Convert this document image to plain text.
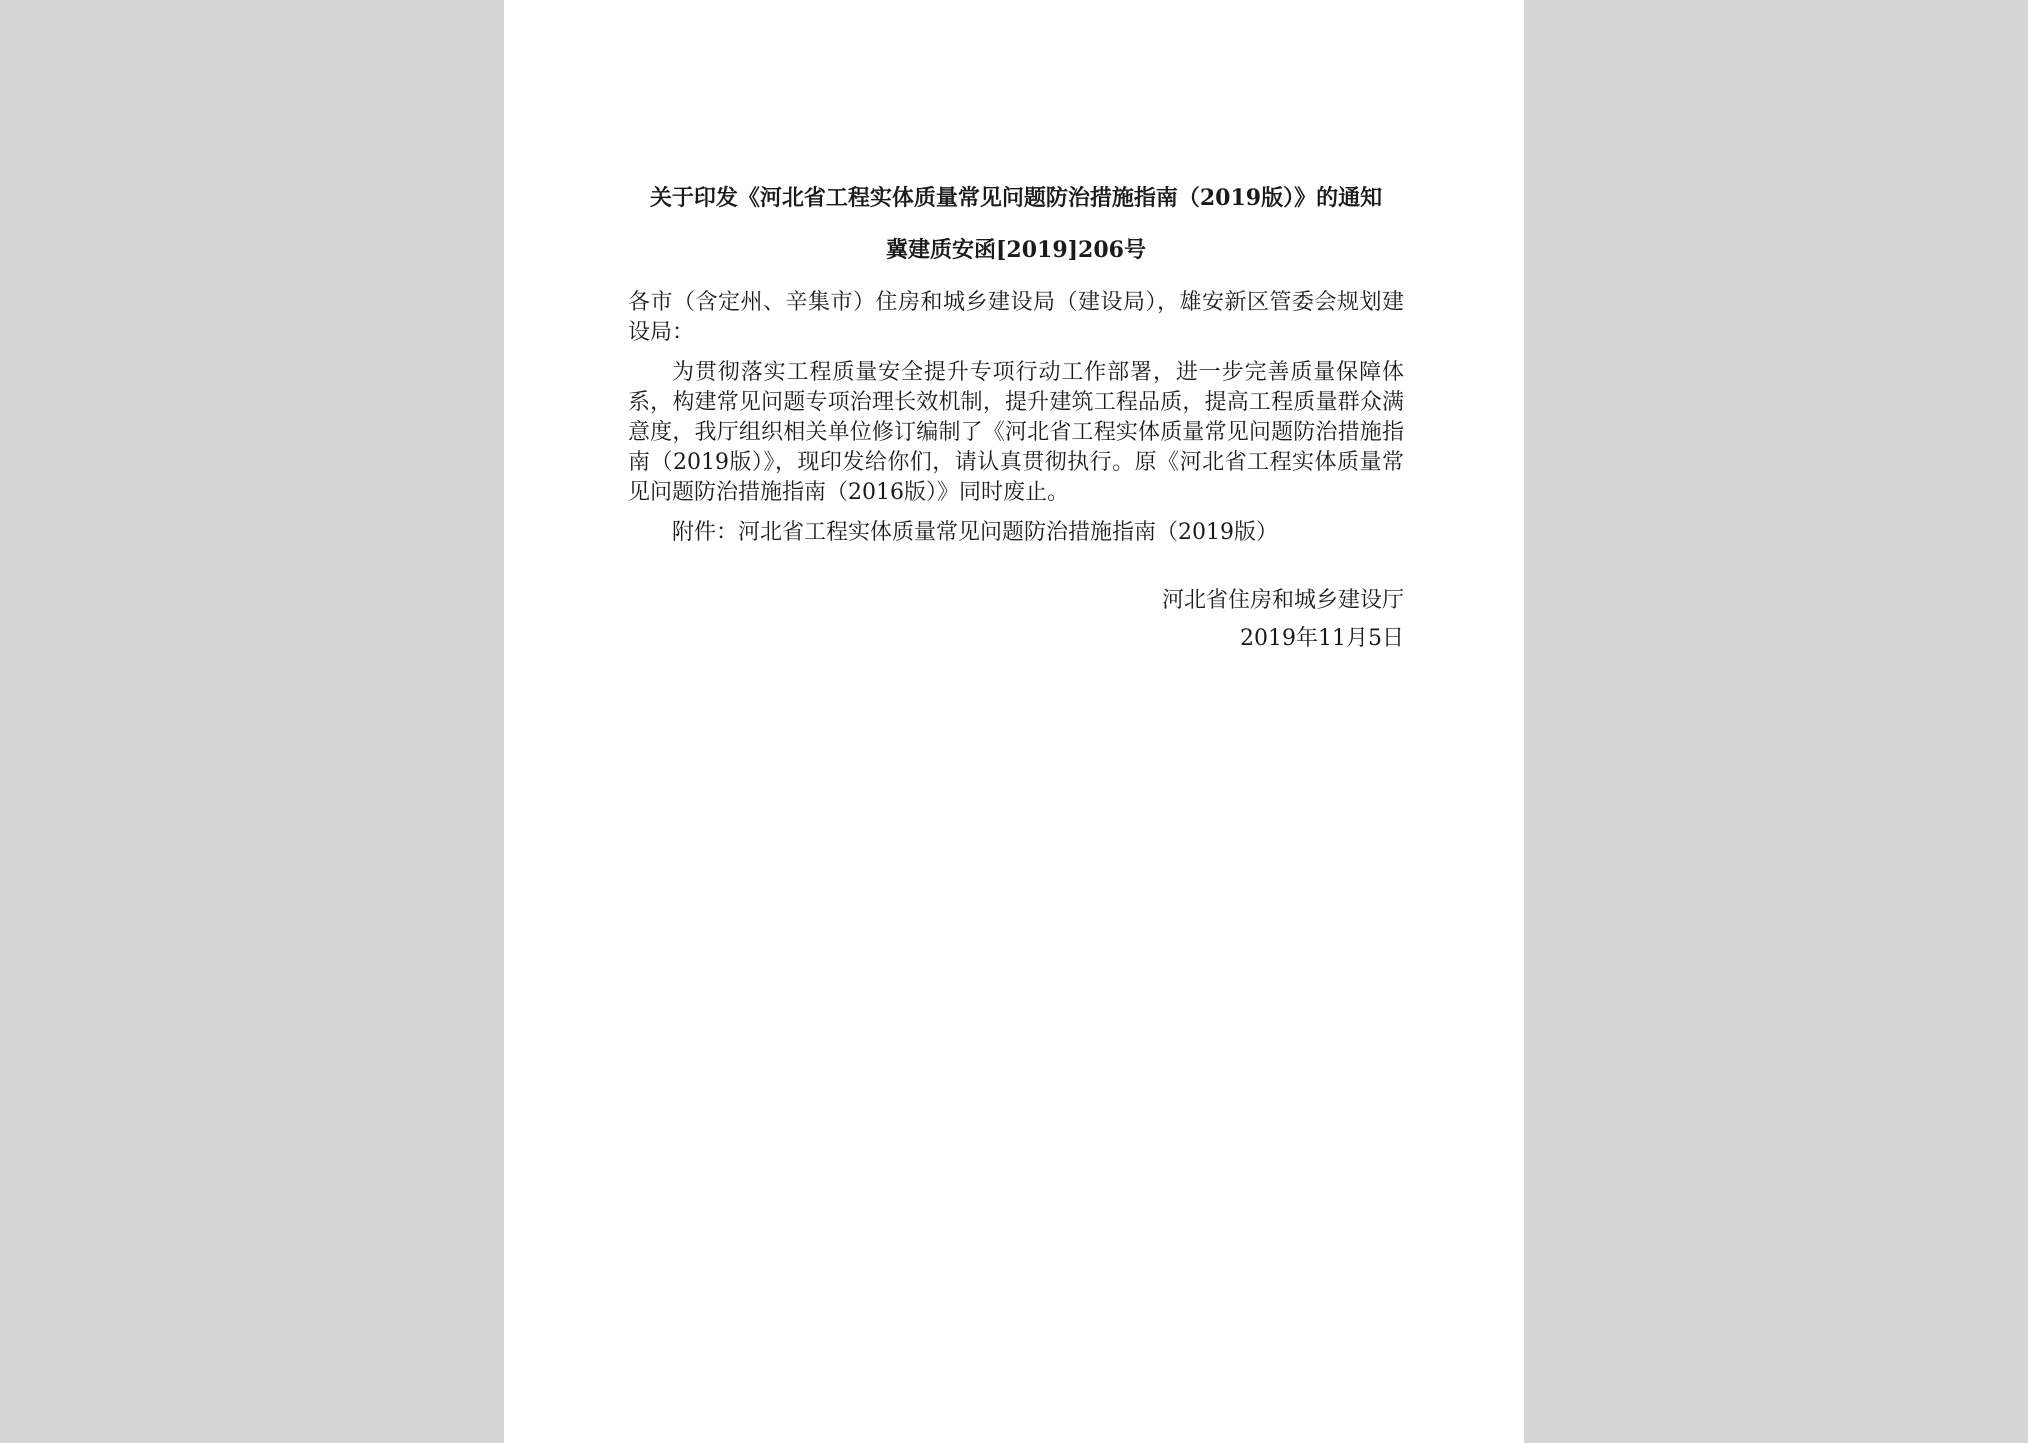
关于印发《河北省工程实体质量常见问题防治措施指南（2019版）》的通知

冀建质安函[2019]206号

各市（含定州、辛集市）住房和城乡建设局（建设局），雄安新区管委会规划建设局：

为贯彻落实工程质量安全提升专项行动工作部署，进一步完善质量保障体系，构建常见问题专项治理长效机制，提升建筑工程品质，提高工程质量群众满意度，我厅组织相关单位修订编制了《河北省工程实体质量常见问题防治措施指南（2019版）》，现印发给你们，请认真贯彻执行。原《河北省工程实体质量常见问题防治措施指南（2016版）》同时废止。

附件：河北省工程实体质量常见问题防治措施指南（2019版）

河北省住房和城乡建设厅

2019年11月5日
